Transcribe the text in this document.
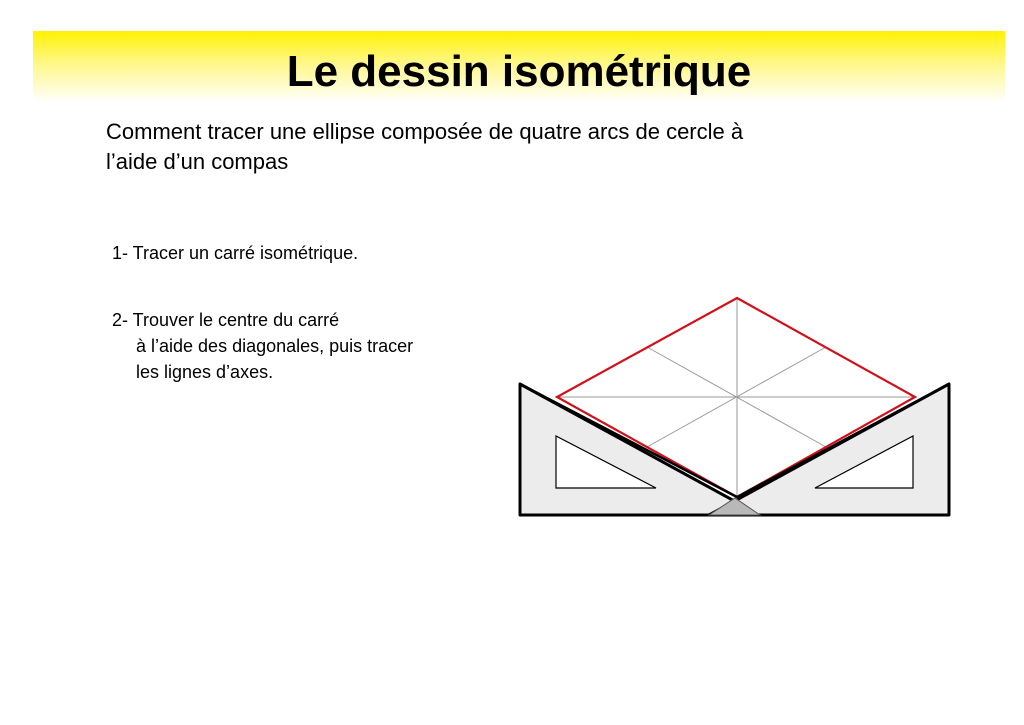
Le dessin isométrique

Comment tracer une ellipse composée de quatre arcs de cercle à
l’aide d’un compas

1- Tracer un carré isométrique.

2- Trouver le centre du carré
à l’aide des diagonales, puis tracer
les lignes d’axes.
